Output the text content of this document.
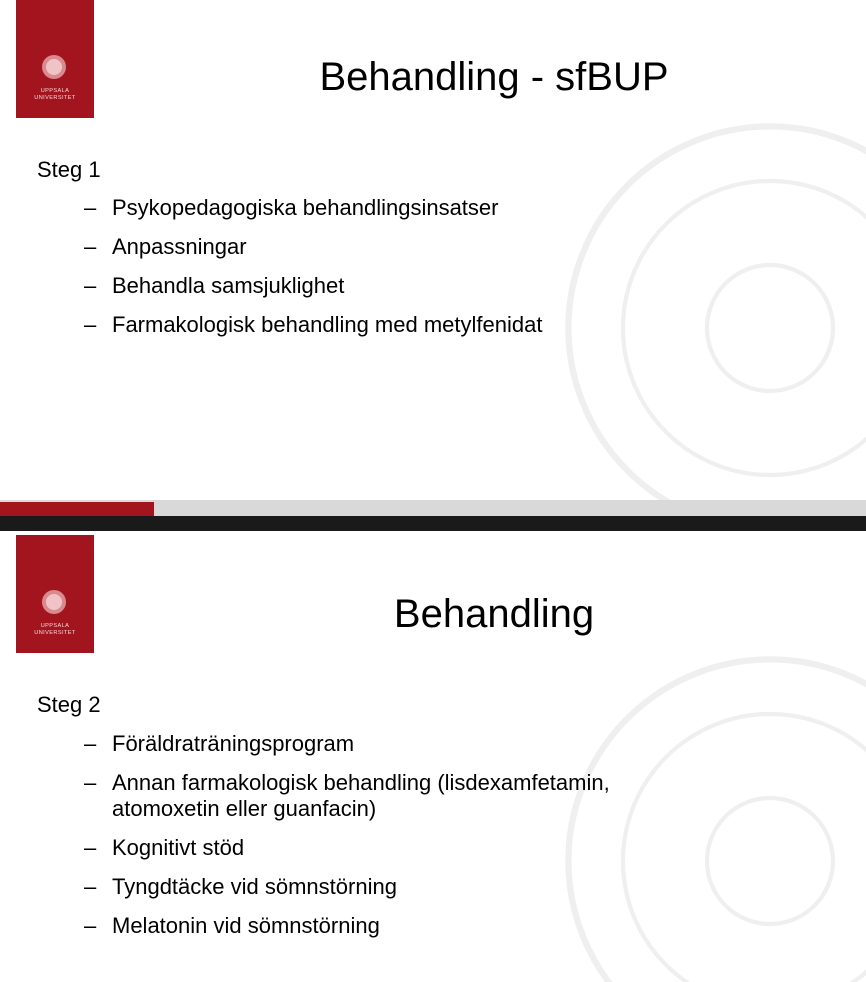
UPPSALA
UNIVERSITET	Behandling - sfBUP
Steg 1
– Psykopedagogiska behandlingsinsatser
– Anpassningar
– Behandla samsjuklighet
– Farmakologisk behandling med metylfenidat
UPPSALA
UNIVERSITET	Behandling
Steg 2
– Föräldraträningsprogram
– Annan farmakologisk behandling (lisdexamfetamin,
atomoxetin eller guanfacin)
– Kognitivt stöd
– Tyngdtäcke vid sömnstörning
– Melatonin vid sömnstörning
